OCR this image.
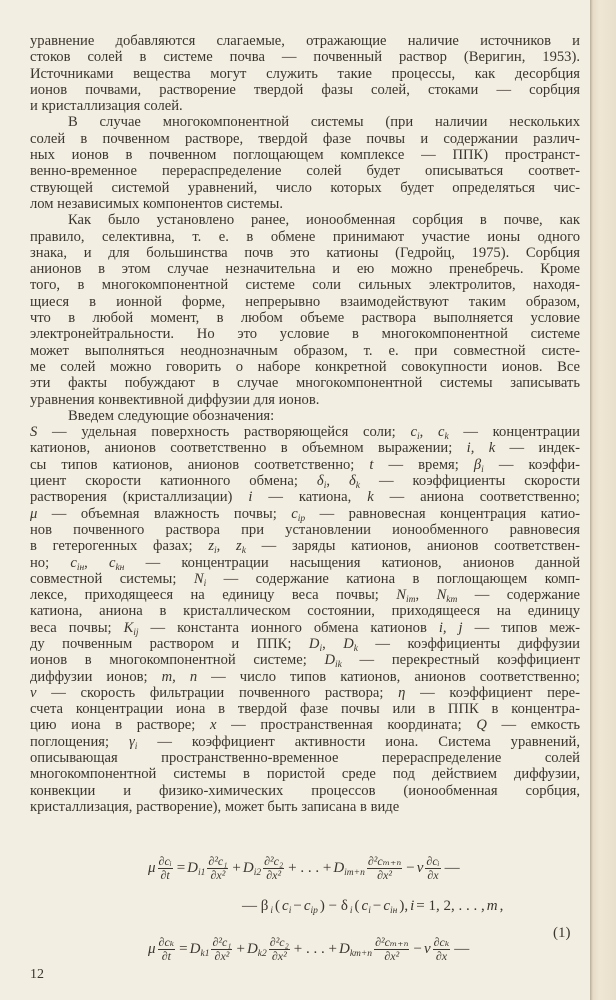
уравнение добавляются слагаемые, отражающие наличие источников и
стоков солей в системе почва — почвенный раствор (Веригин, 1953).
Источниками вещества могут служить такие процессы, как десорбция
ионов почвами, растворение твердой фазы солей, стоками — сорбция
и кристаллизация солей.
В случае многокомпонентной системы (при наличии нескольких
солей в почвенном растворе, твердой фазе почвы и содержании различ-
ных ионов в почвенном поглощающем комплексе — ППК) пространст-
венно-временное перераспределение солей будет описываться соответ-
ствующей системой уравнений, число которых будет определяться чис-
лом независимых компонентов системы.
Как было установлено ранее, ионообменная сорбция в почве, как
правило, селективна, т. е. в обмене принимают участие ионы одного
знака, и для большинства почв это катионы (Гедройц, 1975). Сорбция
анионов в этом случае незначительна и ею можно пренебречь. Кроме
того, в многокомпонентной системе соли сильных электролитов, находя-
щиеся в ионной форме, непрерывно взаимодействуют таким образом,
что в любой момент, в любом объеме раствора выполняется условие
электронейтральности. Но это условие в многокомпонентной системе
может выполняться неоднозначным образом, т. е. при совместной систе-
ме солей можно говорить о наборе конкретной совокупности ионов. Все
эти факты побуждают в случае многокомпонентной системы записывать
уравнения конвективной диффузии для ионов.
Введем следующие обозначения:
S — удельная поверхность растворяющейся соли; $c_i$, $c_k$ — концентрации
катионов, анионов соответственно в объемном выражении; i, k — индек-
сы типов катионов, анионов соответственно; t — время; $\beta_i$ — коэффи-
циент скорости катионного обмена; $\delta_i$, $\delta_k$ — коэффициенты скорости
растворения (кристаллизации) i — катиона, k — аниона соответственно;
μ — объемная влажность почвы; $c_{ip}$ — равновесная концентрация катио-
нов почвенного раствора при установлении ионообменного равновесия
в гетерогенных фазах; $z_i$, $z_k$ — заряды катионов, анионов соответствен-
но; $c_{iн}$, $c_{kн}$ — концентрации насыщения катионов, анионов данной
совместной системы; $N_i$ — содержание катиона в поглощающем комп-
лексе, приходящееся на единицу веса почвы; $N_{iт}$, $N_{kт}$ — содержание
катиона, аниона в кристаллическом состоянии, приходящееся на единицу
веса почвы; $K_{ij}$ — константа ионного обмена катионов i, j — типов меж-
ду почвенным раствором и ППК; $D_i$, $D_k$ — коэффициенты диффузии
ионов в многокомпонентной системе; $D_{ik}$ — перекрестный коэффициент
диффузии ионов; m, n — число типов катионов, анионов соответственно;
v — скорость фильтрации почвенного раствора; η — коэффициент пере-
счета концентрации иона в твердой фазе почвы или в ППК в концентра-
цию иона в растворе; x — пространственная координата; Q — емкость
поглощения; $\gamma_i$ — коэффициент активности иона. Система уравнений,
описывающая пространственно-временное перераспределение солей
многокомпонентной системы в пористой среде под действием диффузии,
конвекции и физико-химических процессов (ионообменная сорбция,
кристаллизация, растворение), может быть записана в виде
μ $\frac{\text{∂cᵢ}}{\partial t} = D_{i1} \frac{\text{∂²c₁}}{\text{∂x²}} + D_{i2} \frac{\text{∂²c₂}}{\text{∂x²}}$ + . . . + $D_{im+n} \frac{\text{∂²cₘ₊ₙ}}{\text{∂x²}} - v \frac{\text{∂cᵢ}}{\partial x}$ —
— β $_i$ ( $c_i - c_{ip}$ ) − δ $_i$ ( $c_i - c_{iн}$ ), i = 1, 2, . . . , m ,
μ $\frac{\text{∂cₖ}}{\partial t} = D_{k1} \frac{\text{∂²c₁}}{\text{∂x²}} + D_{k2} \frac{\text{∂²c₂}}{\text{∂x²}}$ + . . . + $D_{km+n} \frac{\text{∂²cₘ₊ₙ}}{\text{∂x²}} - v \frac{\text{∂cₖ}}{\partial x}$ —
(1)
12
